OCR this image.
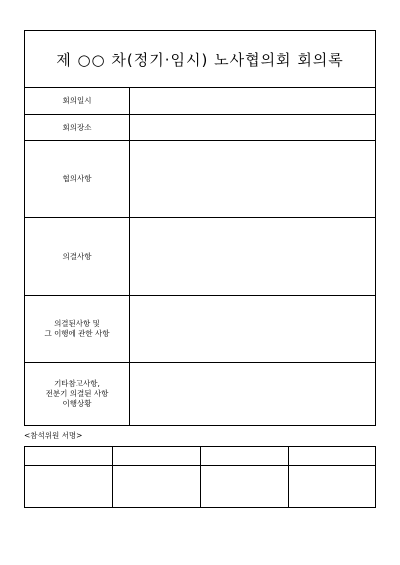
제 ○○ 차(정기·임시) 노사협의회 회의록
회의일시
회의장소
협의사항
의결사항
의결된사항 및
그 이행에 관한 사항
기타참고사항,
전분기 의결된 사항
이행상황
<참석위원 서명>
